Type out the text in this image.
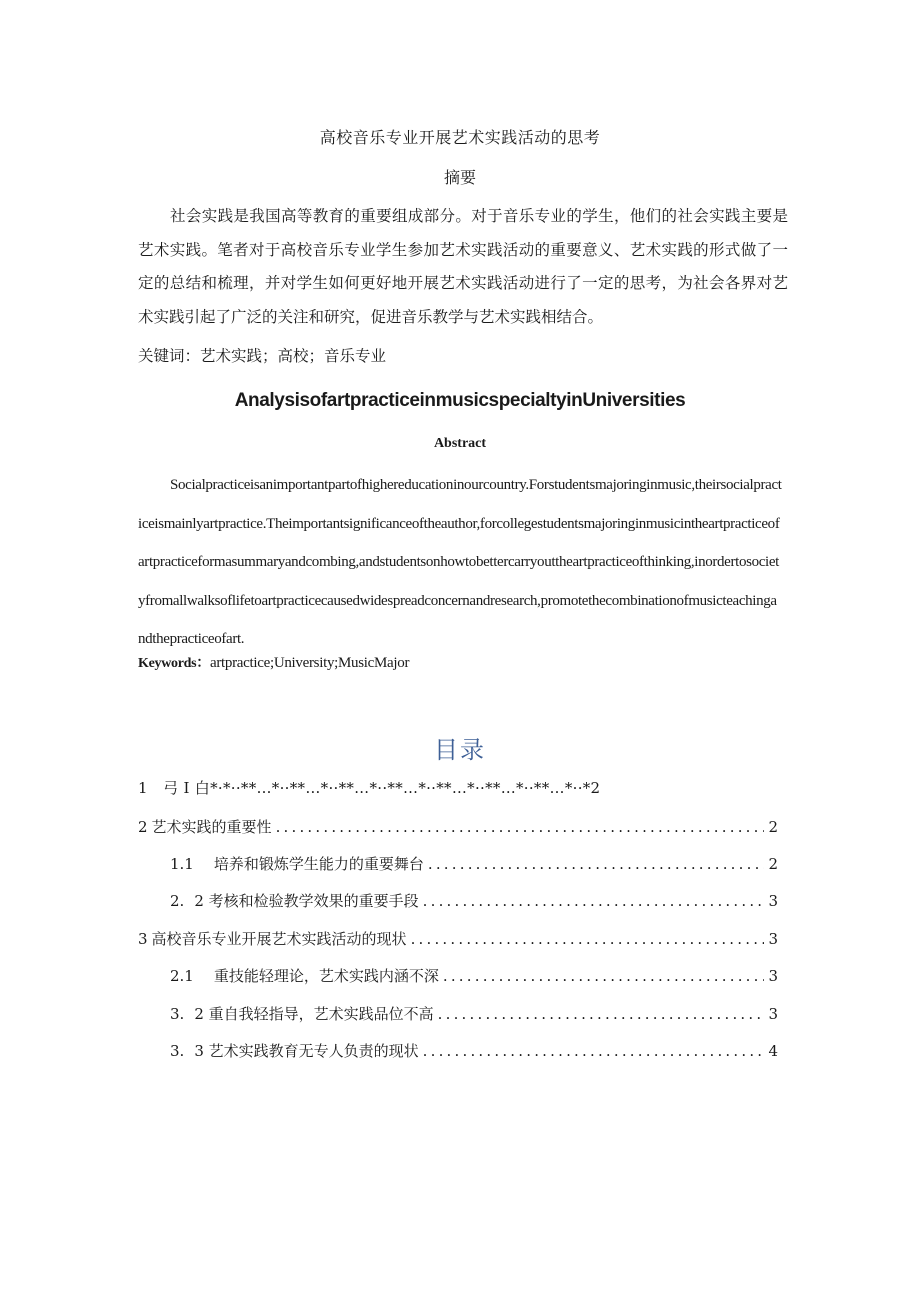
高校音乐专业开展艺术实践活动的思考
摘要
社会实践是我国高等教育的重要组成部分。对于音乐专业的学生，他们的社会实践主要是艺术实践。笔者对于高校音乐专业学生参加艺术实践活动的重要意义、艺术实践的形式做了一定的总结和梳理，并对学生如何更好地开展艺术实践活动进行了一定的思考，为社会各界对艺术实践引起了广泛的关注和研究，促进音乐教学与艺术实践相结合。
关键词：艺术实践；高校；音乐专业
AnalysisofartpracticeinmusicspecialtyinUniversities
Abstract
Socialpracticeisanimportantpartofhighereducationinourcountry.Forstudentsmajoringinmusic,theirsocialpracticeismainlyartpractice.Theimportantsignificanceoftheauthor,forcollegestudentsmajoringinmusicintheartpracticeofartpracticeformasummaryandcombing,andstudentsonhowtobettercarryouttheartpracticeofthinking,inordertosocietyfromallwalksoflifetoartpracticecausedwidespreadconcernandresearch,promotethecombinationofmusicteachingandthepracticeofart.
Keywords：artpractice;University;MusicMajor
目录
1　弓 I 白*·*··**…*··**…*··**…*··**…*··**…*··**…*··**…*··*2
2 艺术实践的重要性 .....	2
1.1 培养和锻炼学生能力的重要舞台 .....	2
2. 2 考核和检验教学效果的重要手段 .....	3
3 高校音乐专业开展艺术实践活动的现状 .....	3
2.1 重技能轻理论，艺术实践内涵不深 .....	3
3. 2 重自我轻指导，艺术实践品位不高 .....	3
3. 3 艺术实践教育无专人负责的现状 .....	4
